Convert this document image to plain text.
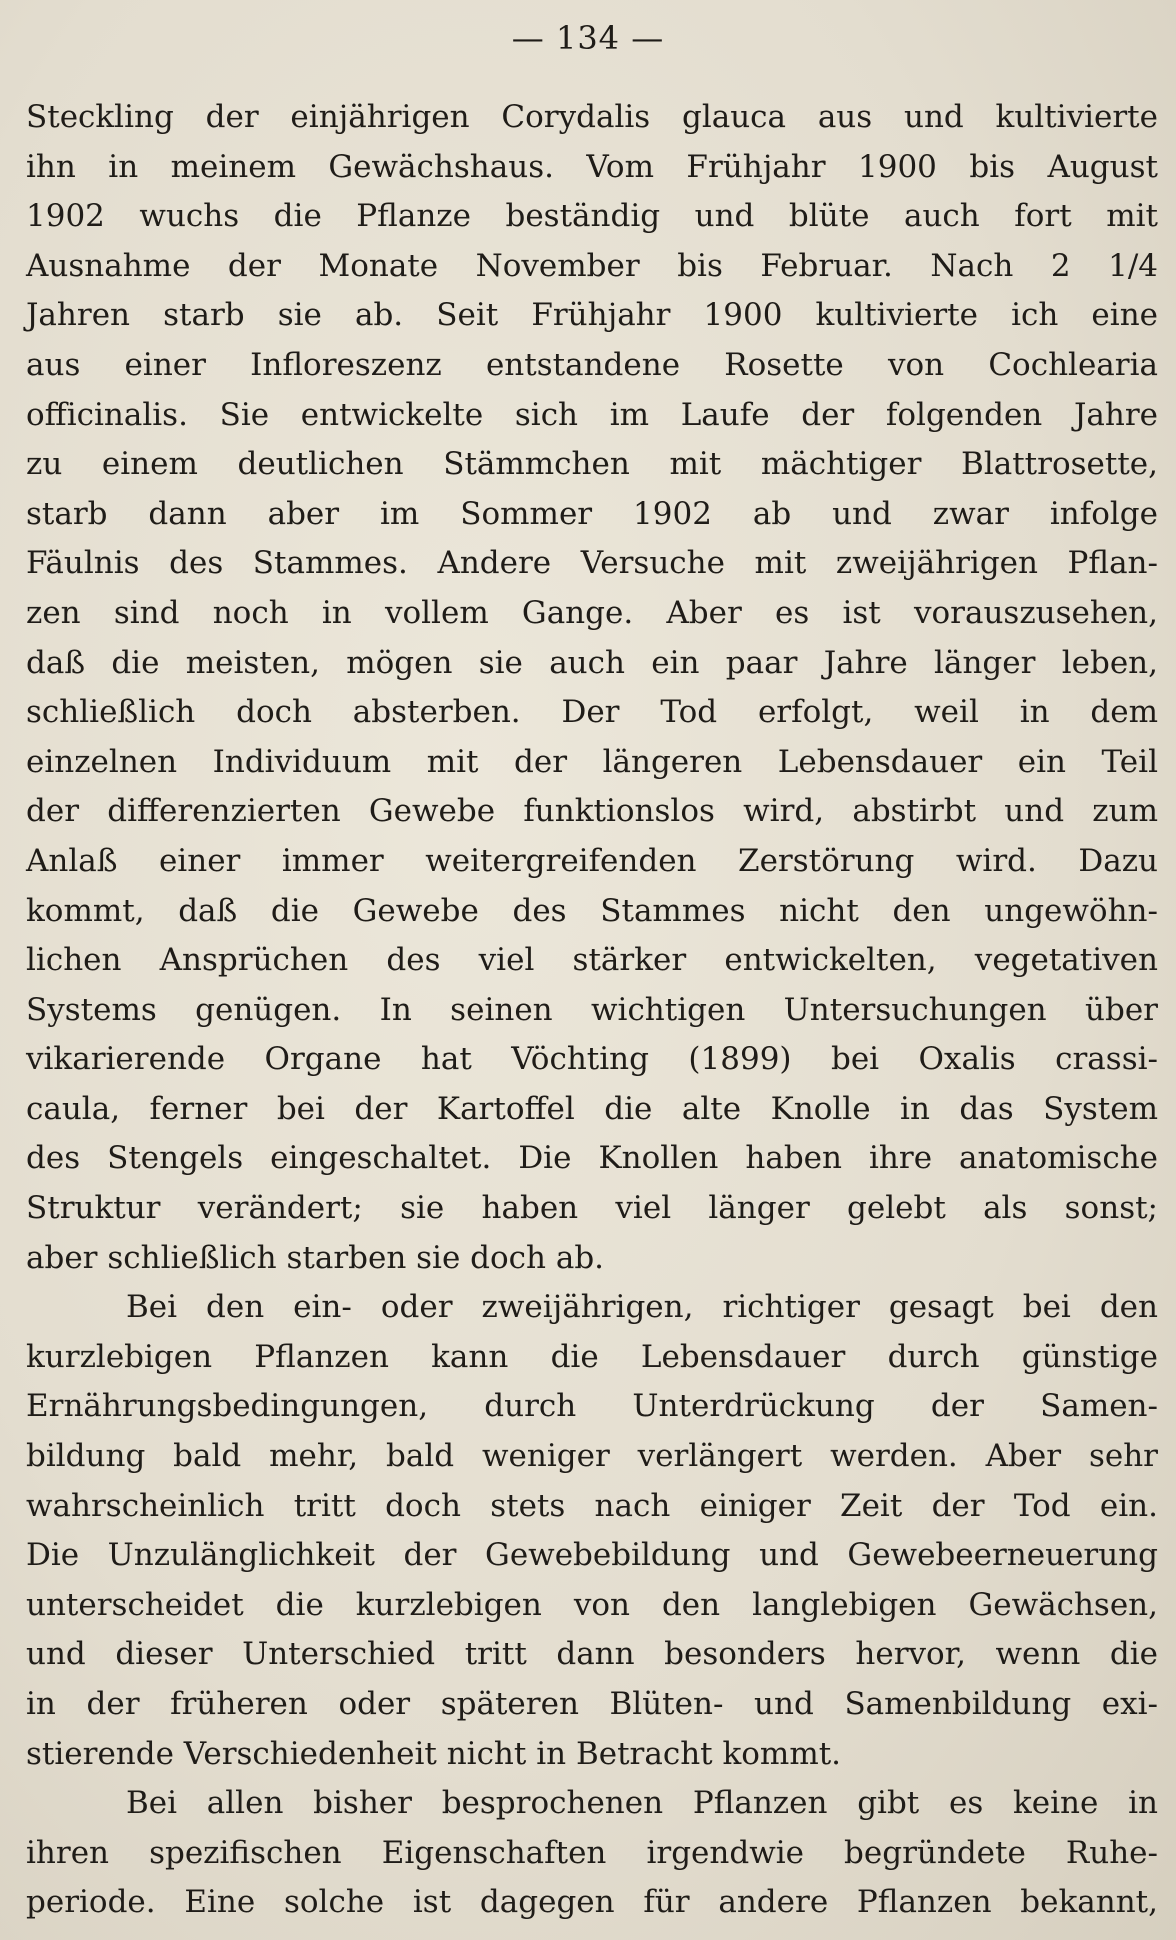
— 134 —
Steckling der einjährigen Corydalis glauca aus und kultivierte
ihn in meinem Gewächshaus. Vom Frühjahr 1900 bis August
1902 wuchs die Pflanze beständig und blüte auch fort mit
Ausnahme der Monate November bis Februar. Nach 2 1/4
Jahren starb sie ab. Seit Frühjahr 1900 kultivierte ich eine
aus einer Infloreszenz entstandene Rosette von Cochlearia
officinalis. Sie entwickelte sich im Laufe der folgenden Jahre
zu einem deutlichen Stämmchen mit mächtiger Blattrosette,
starb dann aber im Sommer 1902 ab und zwar infolge
Fäulnis des Stammes. Andere Versuche mit zweijährigen Pflan-
zen sind noch in vollem Gange. Aber es ist vorauszusehen,
daß die meisten, mögen sie auch ein paar Jahre länger leben,
schließlich doch absterben. Der Tod erfolgt, weil in dem
einzelnen Individuum mit der längeren Lebensdauer ein Teil
der differenzierten Gewebe funktionslos wird, abstirbt und zum
Anlaß einer immer weitergreifenden Zerstörung wird. Dazu
kommt, daß die Gewebe des Stammes nicht den ungewöhn-
lichen Ansprüchen des viel stärker entwickelten, vegetativen
Systems genügen. In seinen wichtigen Untersuchungen über
vikarierende Organe hat Vöchting (1899) bei Oxalis crassi-
caula, ferner bei der Kartoffel die alte Knolle in das System
des Stengels eingeschaltet. Die Knollen haben ihre anatomische
Struktur verändert; sie haben viel länger gelebt als sonst;
aber schließlich starben sie doch ab.
Bei den ein- oder zweijährigen, richtiger gesagt bei den
kurzlebigen Pflanzen kann die Lebensdauer durch günstige
Ernährungsbedingungen, durch Unterdrückung der Samen-
bildung bald mehr, bald weniger verlängert werden. Aber sehr
wahrscheinlich tritt doch stets nach einiger Zeit der Tod ein.
Die Unzulänglichkeit der Gewebebildung und Gewebeerneuerung
unterscheidet die kurzlebigen von den langlebigen Gewächsen,
und dieser Unterschied tritt dann besonders hervor, wenn die
in der früheren oder späteren Blüten- und Samenbildung exi-
stierende Verschiedenheit nicht in Betracht kommt.
Bei allen bisher besprochenen Pflanzen gibt es keine in
ihren spezifischen Eigenschaften irgendwie begründete Ruhe-
periode. Eine solche ist dagegen für andere Pflanzen bekannt,
